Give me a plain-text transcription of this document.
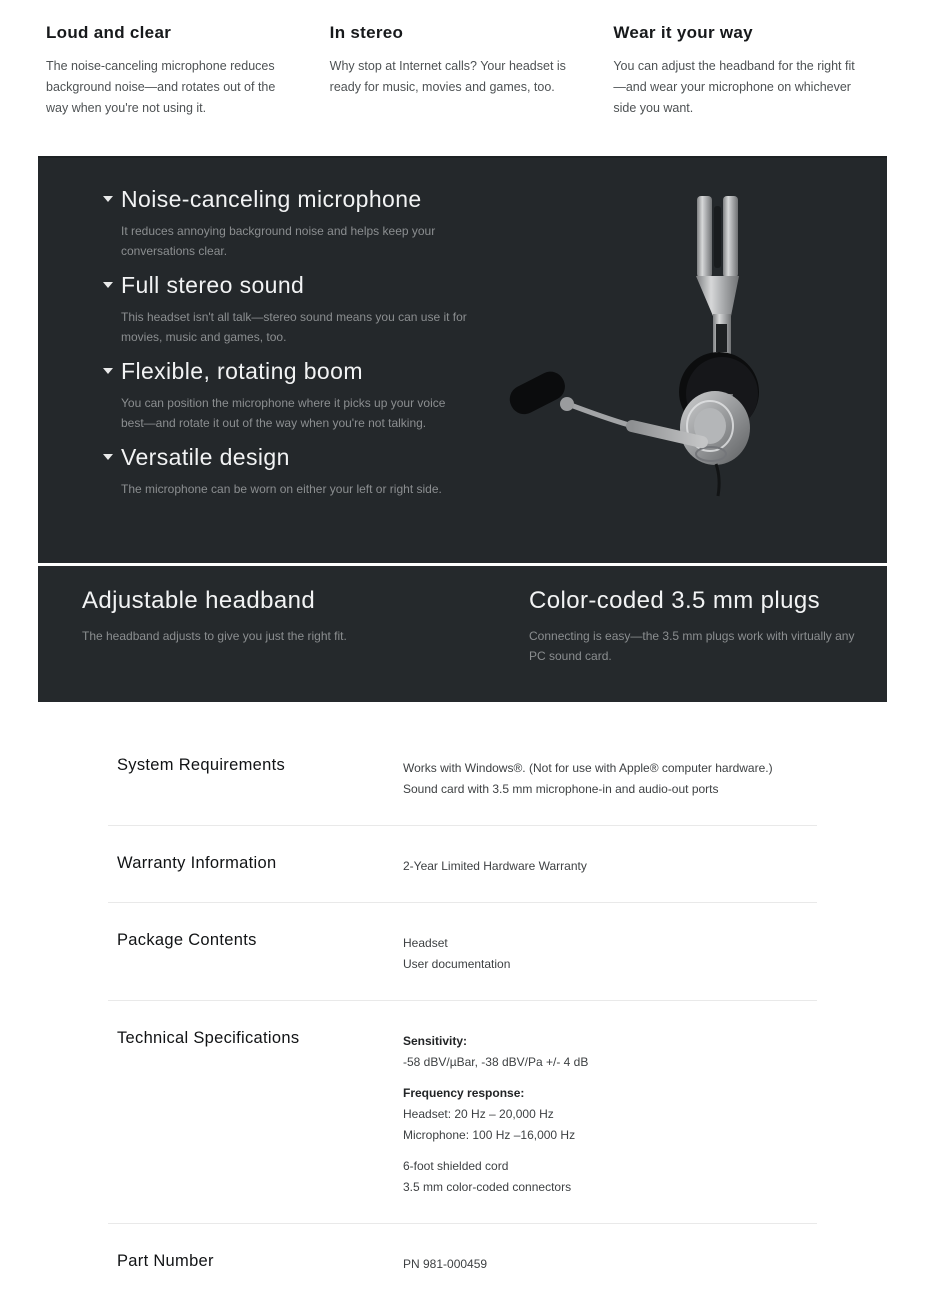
Loud and clear

The noise-canceling microphone reduces background noise—and rotates out of the way when you're not using it.

In stereo

Why stop at Internet calls? Your headset is ready for music, movies and games, too.

Wear it your way

You can adjust the headband for the right fit—and wear your microphone on whichever side you want.

Noise-canceling microphone

It reduces annoying background noise and helps keep your conversations clear.

Full stereo sound

This headset isn't all talk—stereo sound means you can use it for movies, music and games, too.

Flexible, rotating boom

You can position the microphone where it picks up your voice best—and rotate it out of the way when you're not talking.

Versatile design

The microphone can be worn on either your left or right side.

Adjustable headband

The headband adjusts to give you just the right fit.

Color-coded 3.5 mm plugs

Connecting is easy—the 3.5 mm plugs work with virtually any PC sound card.

System Requirements	Works with Windows®. (Not for use with Apple® computer hardware.)

Sound card with 3.5 mm microphone-in and audio-out ports

Warranty Information	2-Year Limited Hardware Warranty

Package Contents	Headset

User documentation

Technical Specifications	Sensitivity:

-58 dBV/µBar, -38 dBV/Pa +/- 4 dB

Frequency response:

Headset: 20 Hz – 20,000 Hz

Microphone: 100 Hz –16,000 Hz

6-foot shielded cord

3.5 mm color-coded connectors

Part Number	PN 981-000459
